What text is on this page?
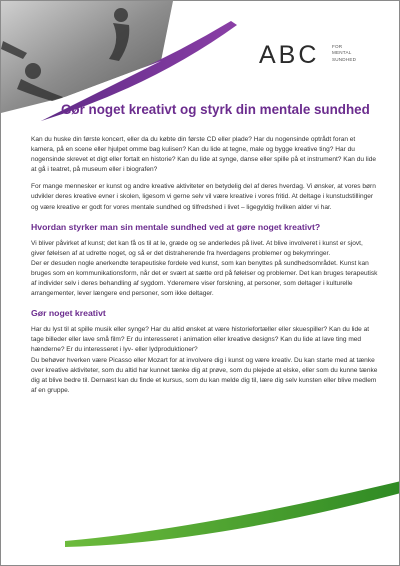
ABC	FOR
MENTAL
SUNDHED
Gør noget kreativt og styrk din mentale sundhed

Kan du huske din første koncert, eller da du købte din første CD eller plade? Har du nogensinde optrådt foran et kamera, på en scene eller hjulpet omme bag kulisen? Kan du lide at tegne, male og bygge kreative ting? Har du nogensinde skrevet et digt eller fortalt en historie? Kan du lide at synge, danse eller spille på et instrument? Kan du lide at gå i teatret, på museum eller i biografen?

For mange mennesker er kunst og andre kreative aktiviteter en betydelig del af deres hverdag. Vi ønsker, at vores børn udvikler deres kreative evner i skolen, ligesom vi gerne selv vil være kreative i vores fritid. At deltage i kunstudstillinger og være kreative er godt for vores mentale sundhed og tilfredshed i livet – ligegyldig hvilken alder vi har.

Hvordan styrker man sin mentale sundhed ved at gøre noget kreativt?

Vi bliver påvirket af kunst; det kan få os til at le, græde og se anderledes på livet. At blive involveret i kunst er sjovt, giver følelsen af at udrette noget, og så er det distraherende fra hverdagens problemer og bekymringer.

Der er desuden nogle anerkendte terapeutiske fordele ved kunst, som kan benyttes på sundhedsområdet. Kunst kan bruges som en kommunikationsform, når det er svært at sætte ord på følelser og problemer. Det kan bruges terapeutisk af individer selv i deres behandling af sygdom. Yderemere viser forskning, at personer, som deltager i kulturelle arrangementer, lever længere end personer, som ikke deltager.

Gør noget kreativt

Har du lyst til at spille musik eller synge? Har du altid ønsket at være historiefortæller eller skuespiller? Kan du lide at tage billeder eller lave små film? Er du interesseret i animation eller kreative designs? Kan du lide at lave ting med hænderne? Er du interesseret i lyv- eller lydproduktioner?

Du behøver hverken være Picasso eller Mozart for at involvere dig i kunst og være kreativ. Du kan starte med at tænke over kreative aktiviteter, som du altid har kunnet tænke dig at prøve, som du plejede at elske, eller som du kunne tænke dig at blive bedre til. Dernæst kan du finde et kursus, som du kan melde dig til, lære dig selv kunsten eller blive medlem af en gruppe.
